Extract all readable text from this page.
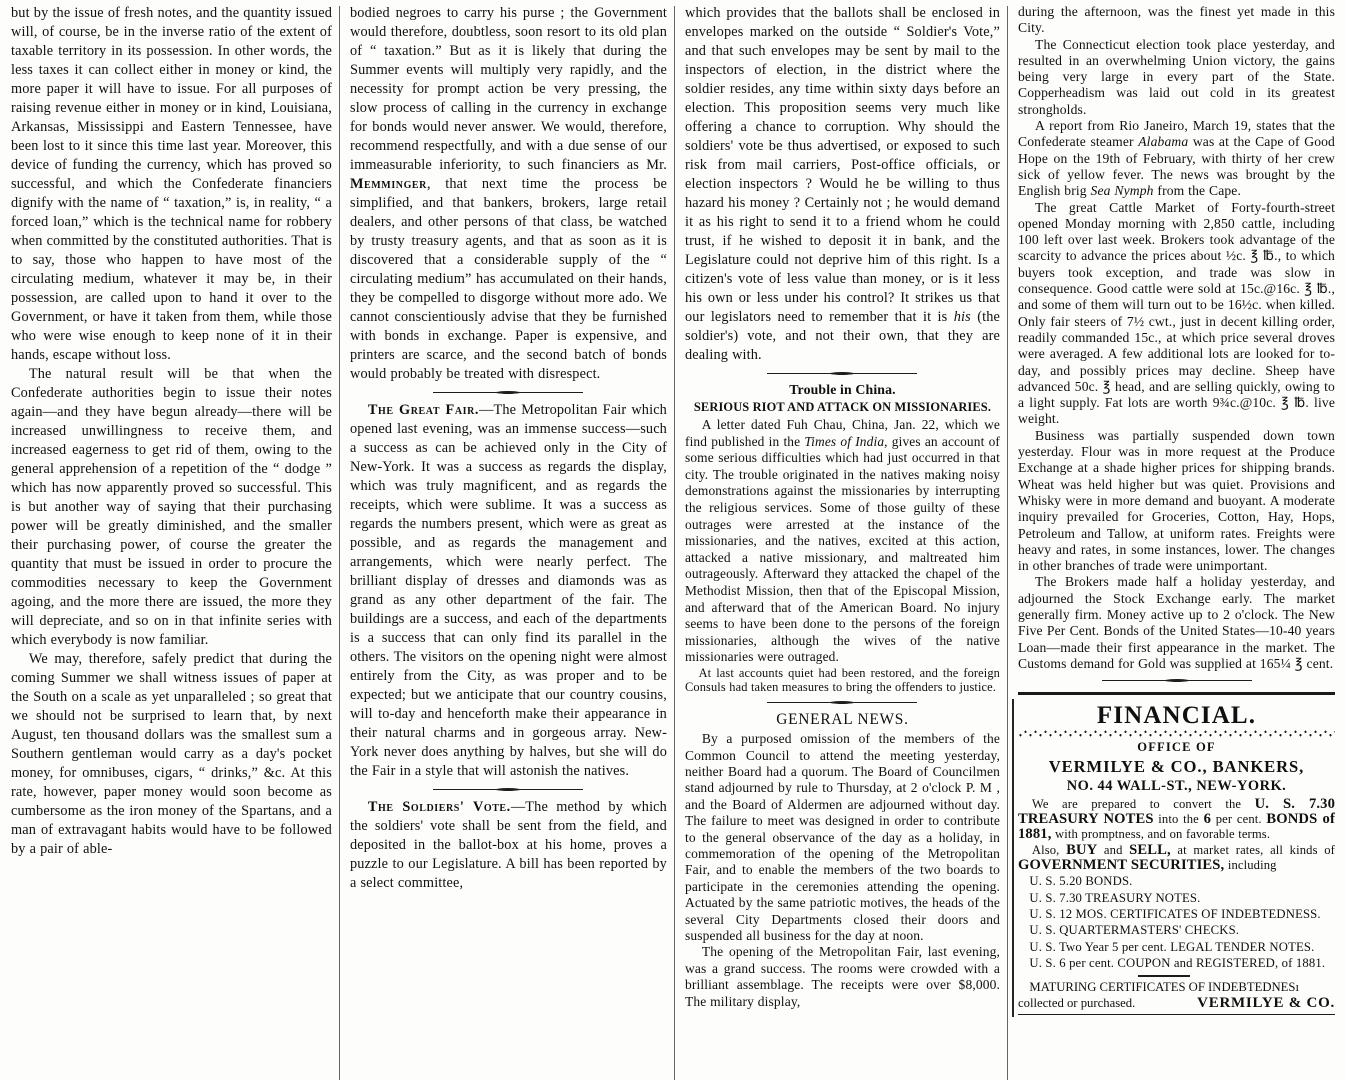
but by the issue of fresh notes, and the quantity issued will, of course, be in the inverse ratio of the extent of taxable territory in its possession. In other words, the less taxes it can collect either in money or kind, the more paper it will have to issue. For all purposes of raising revenue either in money or in kind, Louisiana, Arkansas, Mississippi and Eastern Tennessee, have been lost to it since this time last year. Moreover, this device of funding the currency, which has proved so successful, and which the Confederate financiers dignify with the name of “ taxation,” is, in reality, “ a forced loan,” which is the technical name for robbery when committed by the constituted authorities. That is to say, those who happen to have most of the circulating medium, whatever it may be, in their possession, are called upon to hand it over to the Government, or have it taken from them, while those who were wise enough to keep none of it in their hands, escape without loss.

The natural result will be that when the Confederate authorities begin to issue their notes again—and they have begun already—there will be increased unwillingness to receive them, and increased eagerness to get rid of them, owing to the general apprehension of a repetition of the “ dodge ” which has now apparently proved so successful. This is but another way of saying that their purchasing power will be greatly diminished, and the smaller their purchasing power, of course the greater the quantity that must be issued in order to procure the commodities necessary to keep the Government agoing, and the more there are issued, the more they will depreciate, and so on in that infinite series with which everybody is now familiar.

We may, therefore, safely predict that during the coming Summer we shall witness issues of paper at the South on a scale as yet unparalleled ; so great that we should not be surprised to learn that, by next August, ten thousand dollars was the smallest sum a Southern gentleman would carry as a day's pocket money, for omnibuses, cigars, “ drinks,” &c. At this rate, however, paper money would soon become as cumbersome as the iron money of the Spartans, and a man of extravagant habits would have to be followed by a pair of able-

bodied negroes to carry his purse ; the Government would therefore, doubtless, soon resort to its old plan of “ taxation.” But as it is likely that during the Summer events will multiply very rapidly, and the necessity for prompt action be very pressing, the slow process of calling in the currency in exchange for bonds would never answer. We would, therefore, recommend respectfully, and with a due sense of our immeasurable inferiority, to such financiers as Mr. Memminger, that next time the process be simplified, and that bankers, brokers, large retail dealers, and other persons of that class, be watched by trusty treasury agents, and that as soon as it is discovered that a considerable supply of the “ circulating medium” has accumulated on their hands, they be compelled to disgorge without more ado. We cannot conscientiously advise that they be furnished with bonds in exchange. Paper is expensive, and printers are scarce, and the second batch of bonds would probably be treated with disrespect.

The Great Fair.—The Metropolitan Fair which opened last evening, was an immense success—such a success as can be achieved only in the City of New-York. It was a success as regards the display, which was truly magnificent, and as regards the receipts, which were sublime. It was a success as regards the numbers present, which were as great as possible, and as regards the management and arrangements, which were nearly perfect. The brilliant display of dresses and diamonds was as grand as any other department of the fair. The buildings are a success, and each of the departments is a success that can only find its parallel in the others. The visitors on the opening night were almost entirely from the City, as was proper and to be expected; but we anticipate that our country cousins, will to-day and henceforth make their appearance in their natural charms and in gorgeous array. New-York never does anything by halves, but she will do the Fair in a style that will astonish the natives.

The Soldiers' Vote.—The method by which the soldiers' vote shall be sent from the field, and deposited in the ballot-box at his home, proves a puzzle to our Legislature. A bill has been reported by a select committee,

which provides that the ballots shall be enclosed in envelopes marked on the outside “ Soldier's Vote,” and that such envelopes may be sent by mail to the inspectors of election, in the district where the soldier resides, any time within sixty days before an election. This proposition seems very much like offering a chance to corruption. Why should the soldiers' vote be thus advertised, or exposed to such risk from mail carriers, Post-office officials, or election inspectors ? Would he be willing to thus hazard his money ? Certainly not ; he would demand it as his right to send it to a friend whom he could trust, if he wished to deposit it in bank, and the Legislature could not deprive him of this right. Is a citizen's vote of less value than money, or is it less his own or less under his control? It strikes us that our legislators need to remember that it is his (the soldier's) vote, and not their own, that they are dealing with.

Trouble in China.
SERIOUS RIOT AND ATTACK ON MISSIONARIES.

A letter dated Fuh Chau, China, Jan. 22, which we find published in the Times of India, gives an account of some serious difficulties which had just occurred in that city. The trouble originated in the natives making noisy demonstrations against the missionaries by interrupting the religious services. Some of those guilty of these outrages were arrested at the instance of the missionaries, and the natives, excited at this action, attacked a native missionary, and maltreated him outrageously. Afterward they attacked the chapel of the Methodist Mission, then that of the Episcopal Mission, and afterward that of the American Board. No injury seems to have been done to the persons of the foreign missionaries, although the wives of the native missionaries were outraged.

At last accounts quiet had been restored, and the foreign Consuls had taken measures to bring the offenders to justice.

GENERAL NEWS.

By a purposed omission of the members of the Common Council to attend the meeting yesterday, neither Board had a quorum. The Board of Councilmen stand adjourned by rule to Thursday, at 2 o'clock P. M , and the Board of Aldermen are adjourned without day. The failure to meet was designed in order to contribute to the general observance of the day as a holiday, in commemoration of the opening of the Metropolitan Fair, and to enable the members of the two boards to participate in the ceremonies attending the opening. Actuated by the same patriotic motives, the heads of the several City Departments closed their doors and suspended all business for the day at noon.

The opening of the Metropolitan Fair, last evening, was a grand success. The rooms were crowded with a brilliant assemblage. The receipts were over $8,000. The military display,

during the afternoon, was the finest yet made in this City.

The Connecticut election took place yesterday, and resulted in an overwhelming Union victory, the gains being very large in every part of the State. Copperheadism was laid out cold in its greatest strongholds.

A report from Rio Janeiro, March 19, states that the Confederate steamer Alabama was at the Cape of Good Hope on the 19th of February, with thirty of her crew sick of yellow fever. The news was brought by the English brig Sea Nymph from the Cape.

The great Cattle Market of Forty-fourth-street opened Monday morning with 2,850 cattle, including 100 left over last week. Brokers took advantage of the scarcity to advance the prices about ½c. ℥ ℔., to which buyers took exception, and trade was slow in consequence. Good cattle were sold at 15c.@16c. ℥ ℔., and some of them will turn out to be 16½c. when killed. Only fair steers of 7½ cwt., just in decent killing order, readily commanded 15c., at which price several droves were averaged. A few additional lots are looked for to-day, and possibly prices may decline. Sheep have advanced 50c. ℥ head, and are selling quickly, owing to a light supply. Fat lots are worth 9¾c.@10c. ℥ ℔. live weight.

Business was partially suspended down town yesterday. Flour was in more request at the Produce Exchange at a shade higher prices for shipping brands. Wheat was held higher but was quiet. Provisions and Whisky were in more demand and buoyant. A moderate inquiry prevailed for Groceries, Cotton, Hay, Hops, Petroleum and Tallow, at uniform rates. Freights were heavy and rates, in some instances, lower. The changes in other branches of trade were unimportant.

The Brokers made half a holiday yesterday, and adjourned the Stock Exchange early. The market generally firm. Money active up to 2 o'clock. The New Five Per Cent. Bonds of the United States—10-40 years Loan—made their first appearance in the market. The Customs demand for Gold was supplied at 165¼ ℥ cent.

FINANCIAL.
OFFICE OF
VERMILYE & CO., BANKERS,
NO. 44 WALL-ST., NEW-YORK.

We are prepared to convert the U. S. 7.30 TREASURY NOTES into the 6 per cent. BONDS of 1881, with promptness, and on favorable terms.

Also, BUY and SELL, at market rates, all kinds of GOVERNMENT SECURITIES, including

U. S. 5.20 BONDS.
U. S. 7.30 TREASURY NOTES.
U. S. 12 MOS. CERTIFICATES OF INDEBTEDNESS.
U. S. QUARTERMASTERS' CHECKS.
U. S. Two Year 5 per cent. LEGAL TENDER NOTES.
U. S. 6 per cent. COUPON and REGISTERED, of 1881.
MATURING CERTIFICATES OF INDEBTEDNESı
collected or purchased.	VERMILYE & CO.
